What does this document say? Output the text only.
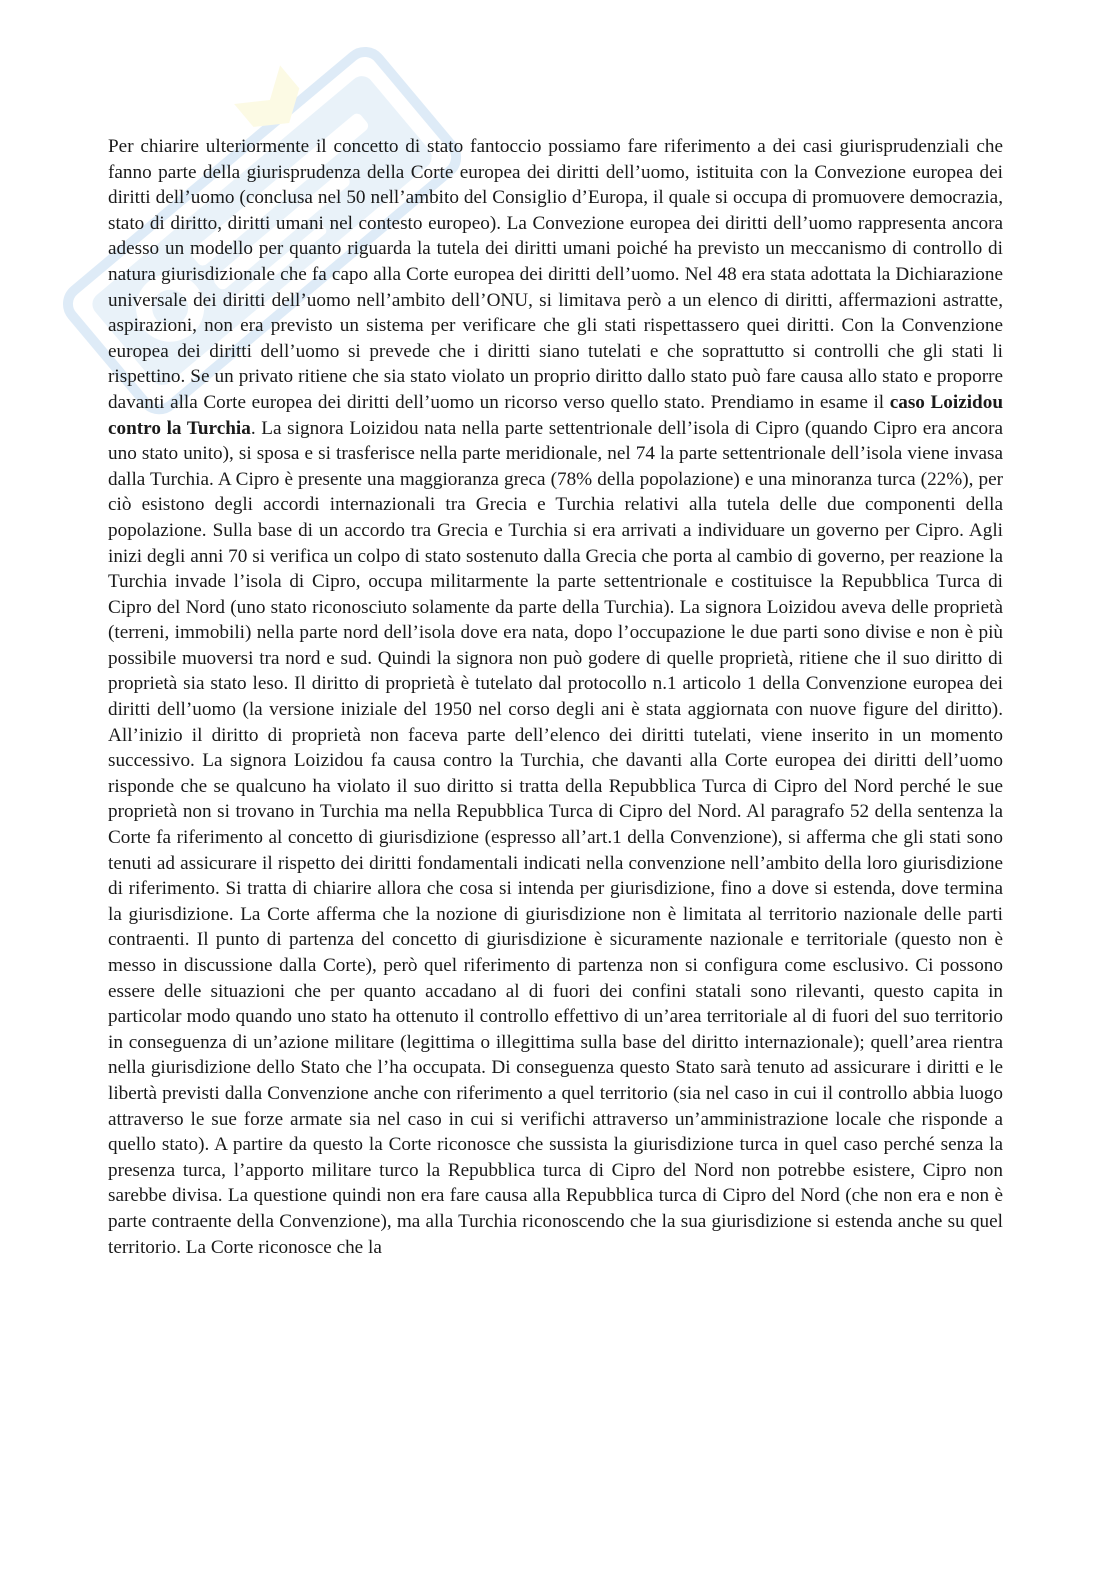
Per chiarire ulteriormente il concetto di stato fantoccio possiamo fare riferimento a dei casi giurisprudenziali che fanno parte della giurisprudenza della Corte europea dei diritti dell’uomo, istituita con la Convezione europea dei diritti dell’uomo (conclusa nel 50 nell’ambito del Consiglio d’Europa, il quale si occupa di promuovere democrazia, stato di diritto, diritti umani nel contesto europeo). La Convezione europea dei diritti dell’uomo rappresenta ancora adesso un modello per quanto riguarda la tutela dei diritti umani poiché ha previsto un meccanismo di controllo di natura giurisdizionale che fa capo alla Corte europea dei diritti dell’uomo. Nel 48 era stata adottata la Dichiarazione universale dei diritti dell’uomo nell’ambito dell’ONU, si limitava però a un elenco di diritti, affermazioni astratte, aspirazioni, non era previsto un sistema per verificare che gli stati rispettassero quei diritti. Con la Convenzione europea dei diritti dell’uomo si prevede che i diritti siano tutelati e che soprattutto si controlli che gli stati li rispettino. Se un privato ritiene che sia stato violato un proprio diritto dallo stato può fare causa allo stato e proporre davanti alla Corte europea dei diritti dell’uomo un ricorso verso quello stato. Prendiamo in esame il caso Loizidou contro la Turchia. La signora Loizidou nata nella parte settentrionale dell’isola di Cipro (quando Cipro era ancora uno stato unito), si sposa e si trasferisce nella parte meridionale, nel 74 la parte settentrionale dell’isola viene invasa dalla Turchia. A Cipro è presente una maggioranza greca (78% della popolazione) e una minoranza turca (22%), per ciò esistono degli accordi internazionali tra Grecia e Turchia relativi alla tutela delle due componenti della popolazione. Sulla base di un accordo tra Grecia e Turchia si era arrivati a individuare un governo per Cipro. Agli inizi degli anni 70 si verifica un colpo di stato sostenuto dalla Grecia che porta al cambio di governo, per reazione la Turchia invade l’isola di Cipro, occupa militarmente la parte settentrionale e costituisce la Repubblica Turca di Cipro del Nord (uno stato riconosciuto solamente da parte della Turchia). La signora Loizidou aveva delle proprietà (terreni, immobili) nella parte nord dell’isola dove era nata, dopo l’occupazione le due parti sono divise e non è più possibile muoversi tra nord e sud. Quindi la signora non può godere di quelle proprietà, ritiene che il suo diritto di proprietà sia stato leso. Il diritto di proprietà è tutelato dal protocollo n.1 articolo 1 della Convenzione europea dei diritti dell’uomo (la versione iniziale del 1950 nel corso degli ani è stata aggiornata con nuove figure del diritto). All’inizio il diritto di proprietà non faceva parte dell’elenco dei diritti tutelati, viene inserito in un momento successivo. La signora Loizidou fa causa contro la Turchia, che davanti alla Corte europea dei diritti dell’uomo risponde che se qualcuno ha violato il suo diritto si tratta della Repubblica Turca di Cipro del Nord perché le sue proprietà non si trovano in Turchia ma nella Repubblica Turca di Cipro del Nord. Al paragrafo 52 della sentenza la Corte fa riferimento al concetto di giurisdizione (espresso all’art.1 della Convenzione), si afferma che gli stati sono tenuti ad assicurare il rispetto dei diritti fondamentali indicati nella convenzione nell’ambito della loro giurisdizione di riferimento. Si tratta di chiarire allora che cosa si intenda per giurisdizione, fino a dove si estenda, dove termina la giurisdizione. La Corte afferma che la nozione di giurisdizione non è limitata al territorio nazionale delle parti contraenti. Il punto di partenza del concetto di giurisdizione è sicuramente nazionale e territoriale (questo non è messo in discussione dalla Corte), però quel riferimento di partenza non si configura come esclusivo. Ci possono essere delle situazioni che per quanto accadano al di fuori dei confini statali sono rilevanti, questo capita in particolar modo quando uno stato ha ottenuto il controllo effettivo di un’area territoriale al di fuori del suo territorio in conseguenza di un’azione militare (legittima o illegittima sulla base del diritto internazionale); quell’area rientra nella giurisdizione dello Stato che l’ha occupata. Di conseguenza questo Stato sarà tenuto ad assicurare i diritti e le libertà previsti dalla Convenzione anche con riferimento a quel territorio (sia nel caso in cui il controllo abbia luogo attraverso le sue forze armate sia nel caso in cui si verifichi attraverso un’amministrazione locale che risponde a quello stato). A partire da questo la Corte riconosce che sussista la giurisdizione turca in quel caso perché senza la presenza turca, l’apporto militare turco la Repubblica turca di Cipro del Nord non potrebbe esistere, Cipro non sarebbe divisa. La questione quindi non era fare causa alla Repubblica turca di Cipro del Nord (che non era e non è parte contraente della Convenzione), ma alla Turchia riconoscendo che la sua giurisdizione si estenda anche su quel territorio. La Corte riconosce che la
